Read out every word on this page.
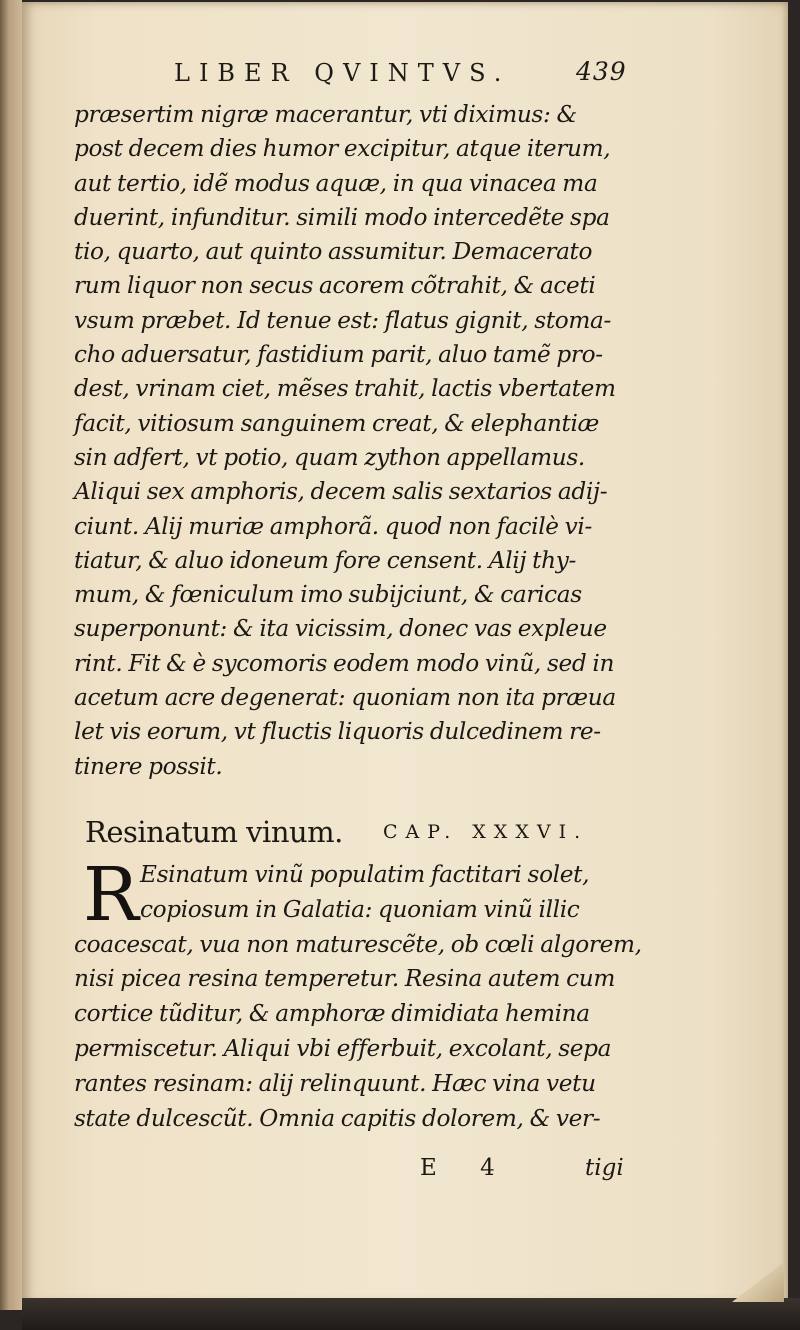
LIBER QVINTVS.	439
præsertim nigræ macerantur, vti diximus: &
post decem dies humor excipitur, atque iterum,
aut tertio, idẽ modus aquæ, in qua vinacea ma
duerint, infunditur. simili modo intercedẽte spa
tio, quarto, aut quinto assumitur. Demacerato
rum liquor non secus acorem cõtrahit, & aceti
vsum præbet. Id tenue est: flatus gignit, stoma-
cho aduersatur, fastidium parit, aluo tamẽ pro-
dest, vrinam ciet, mẽses trahit, lactis vbertatem
facit, vitiosum sanguinem creat, & elephantiæ
sin adfert, vt potio, quam zython appellamus.
Aliqui sex amphoris, decem salis sextarios adij-
ciunt. Alij muriæ amphorã. quod non facilè vi-
tiatur, & aluo idoneum fore censent. Alij thy-
mum, & fœniculum imo subijciunt, & caricas
superponunt: & ita vicissim, donec vas expleue
rint. Fit & è sycomoris eodem modo vinũ, sed in
acetum acre degenerat: quoniam non ita præua
let vis eorum, vt fluctis liquoris dulcedinem re-
tinere possit.
Resinatum vinum. CAP. XXXVI.
R Esinatum vinũ populatim factitari solet,
copiosum in Galatia: quoniam vinũ illic
coacescat, vua non maturescẽte, ob cœli algorem,
nisi picea resina temperetur. Resina autem cum
cortice tũditur, & amphoræ dimidiata hemina
permiscetur. Aliqui vbi efferbuit, excolant, sepa
rantes resinam: alij relinquunt. Hæc vina vetu
state dulcescũt. Omnia capitis dolorem, & ver-
E 4	tigi
